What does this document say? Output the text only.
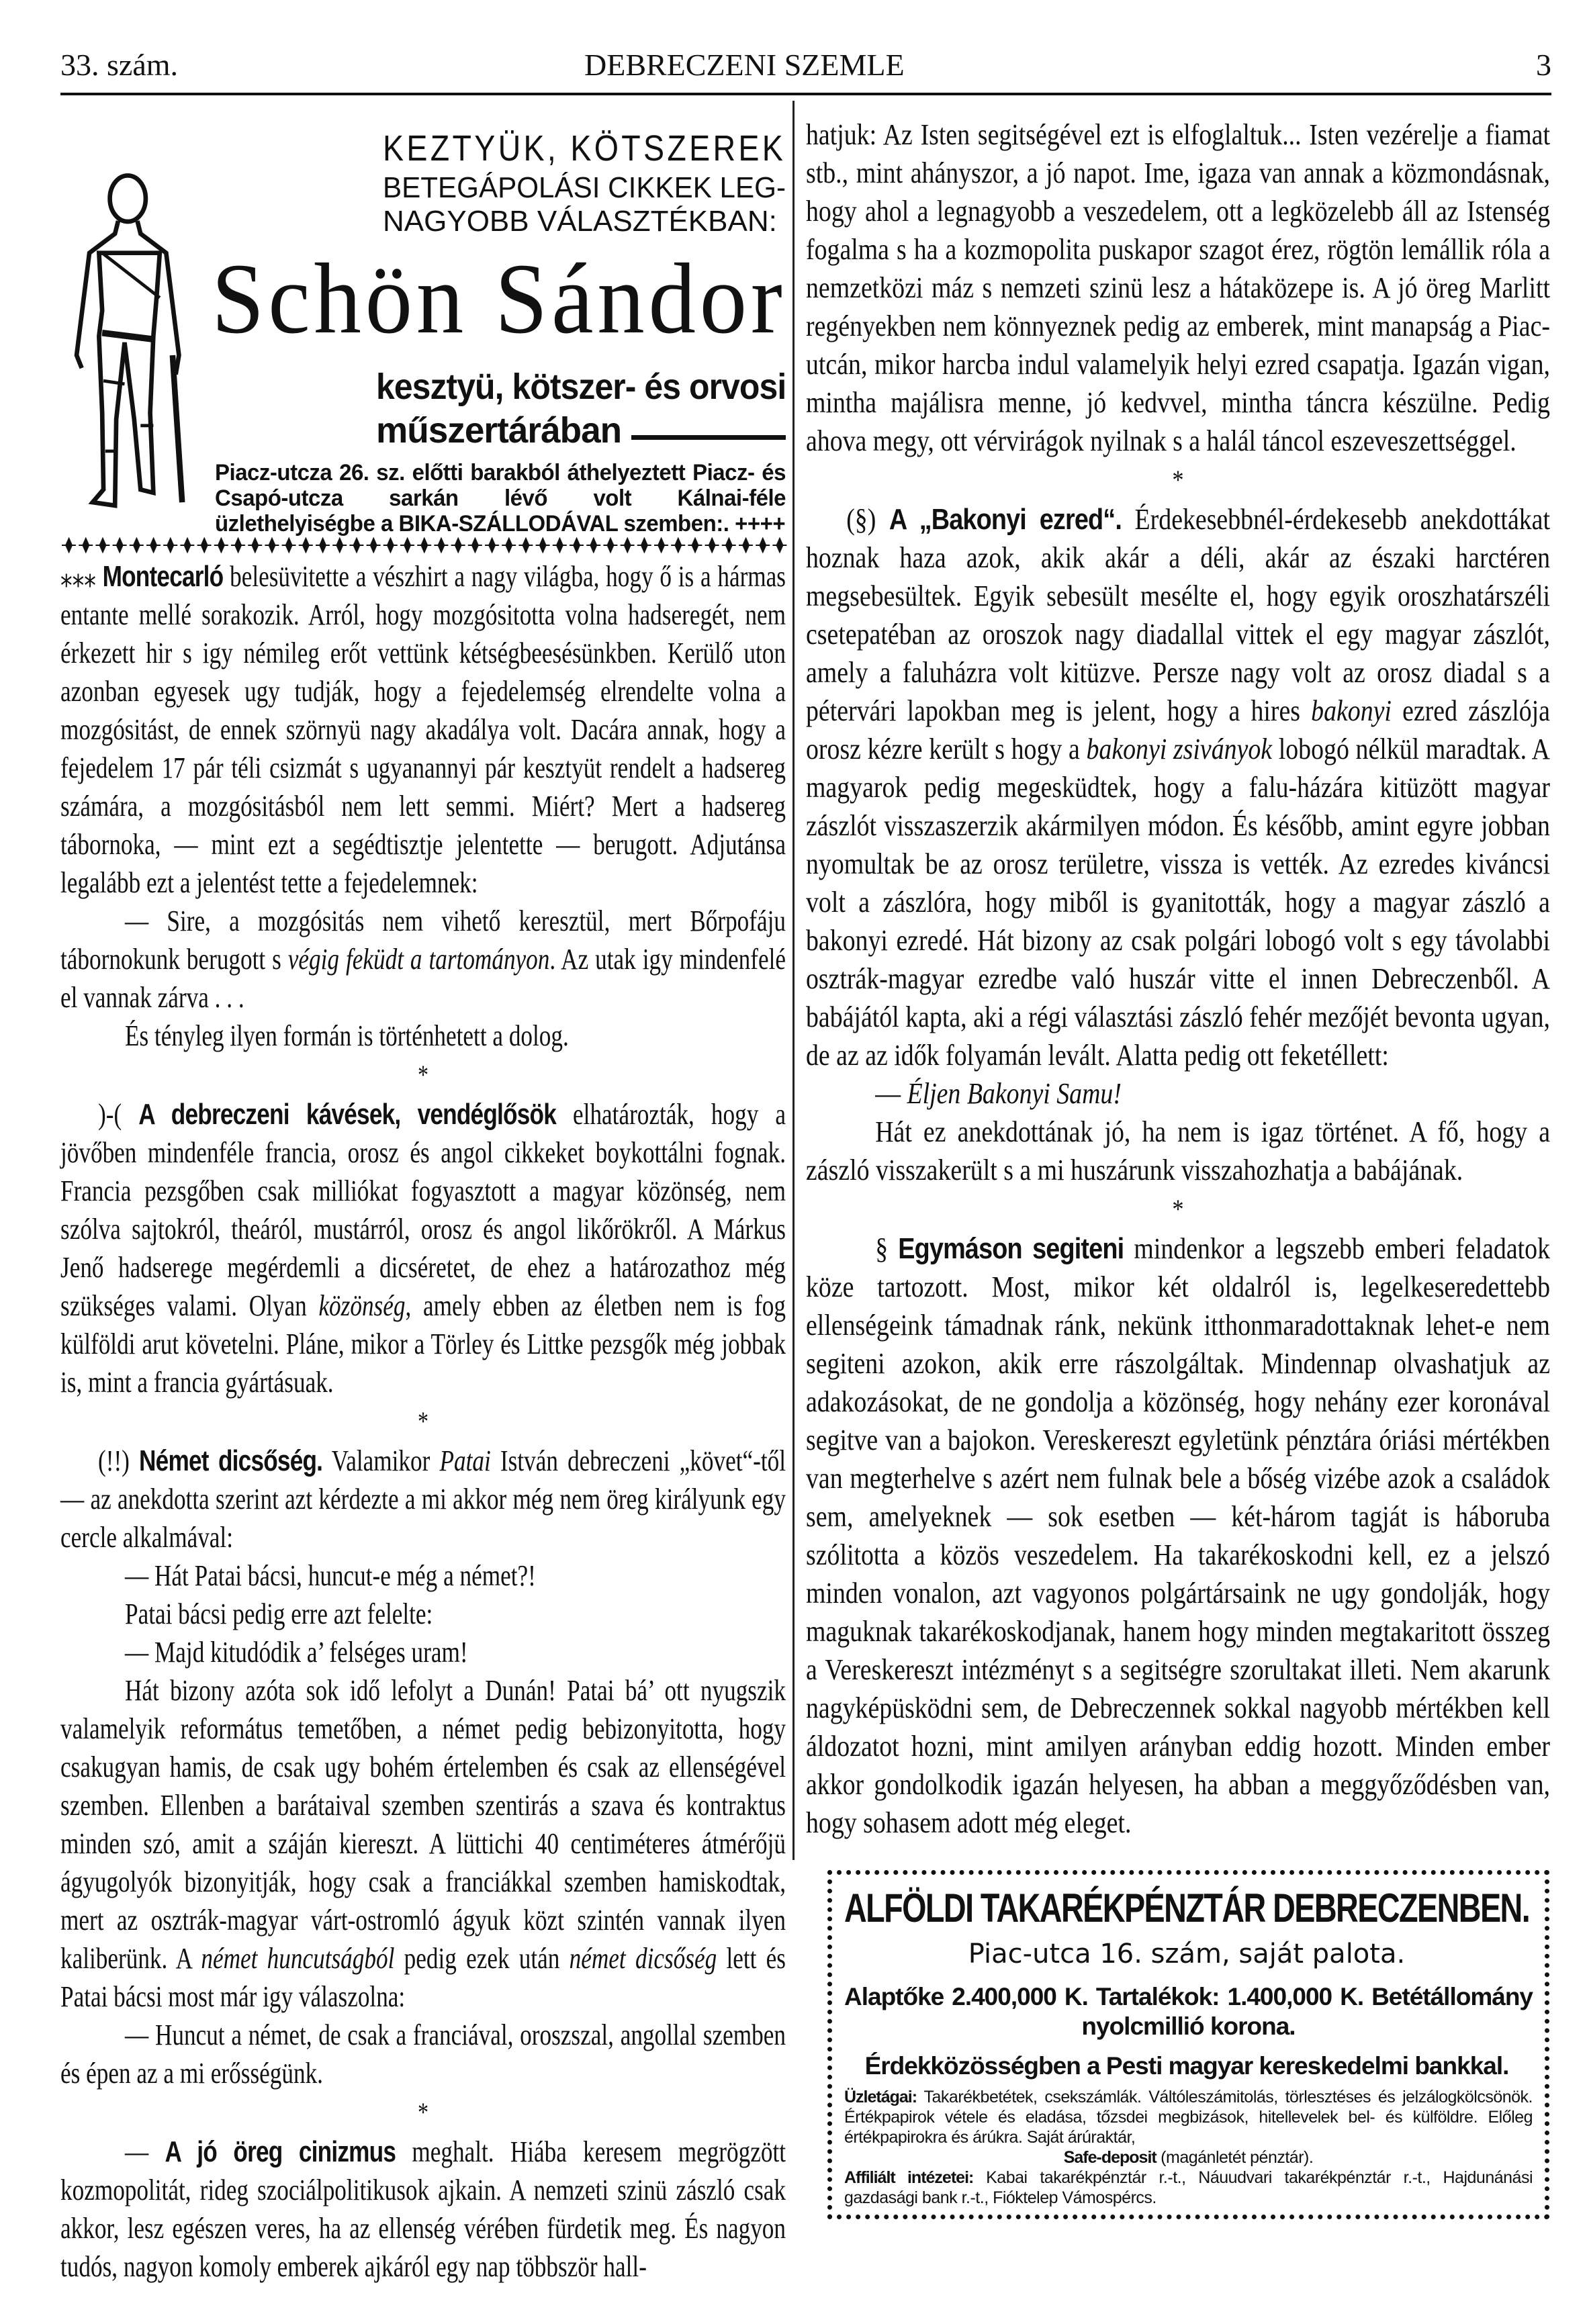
33. szám.	DEBRECZENI SZEMLE	3
KEZTYÜK, KÖTSZEREK
BETEGÁPOLÁSI CIKKEK LEG-
NAGYOBB VÁLASZTÉKBAN:
Schön Sándor
kesztyü, kötszer- és orvosi
műszertárában
Piacz-utcza 26. sz. előtti barakból áthelyeztett Piacz- és Csapó-utcza sarkán lévő volt Kálnai-féle üzlethelyiségbe a BIKA-SZÁLLODÁVAL szemben:. ++++

⁎⁎⁎ Montecarló belesüvitette a vészhirt a nagy világba, hogy ő is a hármas entante mellé sorakozik. Arról, hogy mozgósitotta volna hadseregét, nem érkezett hir s igy némileg erőt vettünk kétségbeesésünkben. Kerülő uton azonban egyesek ugy tudják, hogy a fejedelemség elrendelte volna a mozgósitást, de ennek szörnyü nagy akadálya volt. Dacára annak, hogy a fejedelem 17 pár téli csizmát s ugyanannyi pár kesztyüt rendelt a hadsereg számára, a mozgósitásból nem lett semmi. Miért? Mert a hadsereg tábornoka, — mint ezt a segédtisztje jelentette — berugott. Adjutánsa legalább ezt a jelentést tette a fejedelemnek:

— Sire, a mozgósitás nem vihető keresztül, mert Bőrpofáju tábornokunk berugott s végig feküdt a tartományon. Az utak igy mindenfelé el vannak zárva . . .

És tényleg ilyen formán is történhetett a dolog.

*

)-( A debreczeni kávések, vendéglősök elhatározták, hogy a jövőben mindenféle francia, orosz és angol cikkeket boykottálni fognak. Francia pezsgőben csak milliókat fogyasztott a magyar közönség, nem szólva sajtokról, theáról, mustárról, orosz és angol likőrökről. A Márkus Jenő hadserege megérdemli a dicséretet, de ehez a határozathoz még szükséges valami. Olyan közönség, amely ebben az életben nem is fog külföldi arut követelni. Pláne, mikor a Törley és Littke pezsgők még jobbak is, mint a francia gyártásuak.

*

(!!) Német dicsőség. Valamikor Patai István debreczeni „követ“-től — az anekdotta szerint azt kérdezte a mi akkor még nem öreg királyunk egy cercle alkalmával:

— Hát Patai bácsi, huncut-e még a német?!

Patai bácsi pedig erre azt felelte:

— Majd kitudódik a’ felséges uram!

Hát bizony azóta sok idő lefolyt a Dunán! Patai bá’ ott nyugszik valamelyik református temetőben, a német pedig bebizonyitotta, hogy csakugyan hamis, de csak ugy bohém értelemben és csak az ellenségével szemben. Ellenben a barátaival szemben szentirás a szava és kontraktus minden szó, amit a száján kiereszt. A lüttichi 40 centiméteres átmérőjü ágyugolyók bizonyitják, hogy csak a franciákkal szemben hamiskodtak, mert az osztrák-magyar várt-ostromló ágyuk közt szintén vannak ilyen kaliberünk. A német huncutságból pedig ezek után német dicsőség lett és Patai bácsi most már igy válaszolna:

— Huncut a német, de csak a franciával, oroszszal, angollal szemben és épen az a mi erősségünk.

*

— A jó öreg cinizmus meghalt. Hiába keresem megrögzött kozmopolitát, rideg szociálpolitikusok ajkain. A nemzeti szinü zászló csak akkor, lesz egészen veres, ha az ellenség vérében fürdetik meg. És nagyon tudós, nagyon komoly emberek ajkáról egy nap többször hall-

hatjuk: Az Isten segitségével ezt is elfoglaltuk... Isten vezérelje a fiamat stb., mint ahányszor, a jó napot. Ime, igaza van annak a közmondásnak, hogy ahol a legnagyobb a veszedelem, ott a legközelebb áll az Istenség fogalma s ha a kozmopolita puskapor szagot érez, rögtön lemállik róla a nemzetközi máz s nemzeti szinü lesz a hátaközepe is. A jó öreg Marlitt regényekben nem könnyeznek pedig az emberek, mint manapság a Piac-utcán, mikor harcba indul valamelyik helyi ezred csapatja. Igazán vigan, mintha majálisra menne, jó kedvvel, mintha táncra készülne. Pedig ahova megy, ott vérvirágok nyilnak s a halál táncol eszeveszettséggel.

*

(§) A „Bakonyi ezred“. Érdekesebbnél-érdekesebb anekdottákat hoznak haza azok, akik akár a déli, akár az északi harctéren megsebesültek. Egyik sebesült mesélte el, hogy egyik oroszhatárszéli csetepatéban az oroszok nagy diadallal vittek el egy magyar zászlót, amely a faluházra volt kitüzve. Persze nagy volt az orosz diadal s a pétervári lapokban meg is jelent, hogy a hires bakonyi ezred zászlója orosz kézre került s hogy a bakonyi zsiványok lobogó nélkül maradtak. A magyarok pedig megesküdtek, hogy a falu-házára kitüzött magyar zászlót visszaszerzik akármilyen módon. És később, amint egyre jobban nyomultak be az orosz területre, vissza is vették. Az ezredes kiváncsi volt a zászlóra, hogy miből is gyanitották, hogy a magyar zászló a bakonyi ezredé. Hát bizony az csak polgári lobogó volt s egy távolabbi osztrák-magyar ezredbe való huszár vitte el innen Debreczenből. A babájától kapta, aki a régi választási zászló fehér mezőjét bevonta ugyan, de az az idők folyamán levált. Alatta pedig ott feketéllett:

— Éljen Bakonyi Samu!

Hát ez anekdottának jó, ha nem is igaz történet. A fő, hogy a zászló visszakerült s a mi huszárunk visszahozhatja a babájának.

*

§ Egymáson segiteni mindenkor a legszebb emberi feladatok köze tartozott. Most, mikor két oldalról is, legelkeseredettebb ellenségeink támadnak ránk, nekünk itthonmaradottaknak lehet-e nem segiteni azokon, akik erre rászolgáltak. Mindennap olvashatjuk az adakozásokat, de ne gondolja a közönség, hogy nehány ezer koronával segitve van a bajokon. Vereskereszt egyletünk pénztára óriási mértékben van megterhelve s azért nem fulnak bele a bőség vizébe azok a családok sem, amelyeknek — sok esetben — két-három tagját is háboruba szólitotta a közös veszedelem. Ha takarékoskodni kell, ez a jelszó minden vonalon, azt vagyonos polgártársaink ne ugy gondolják, hogy maguknak takarékoskodjanak, hanem hogy minden megtakaritott összeg a Vereskereszt intézményt s a segitségre szorultakat illeti. Nem akarunk nagyképüsködni sem, de Debreczennek sokkal nagyobb mértékben kell áldozatot hozni, mint amilyen arányban eddig hozott. Minden ember akkor gondolkodik igazán helyesen, ha abban a meggyőződésben van, hogy sohasem adott még eleget.

ALFÖLDI TAKARÉKPÉNZTÁR DEBRECZENBEN.
Piac-utca 16. szám, saját palota.
Alaptőke 2.400,000 K. Tartalékok: 1.400,000 K. Betétállomány nyolcmillió korona.
Érdekközösségben a Pesti magyar kereskedelmi bankkal.
Üzletágai: Takarékbetétek, csekszámlák. Váltóleszámitolás, törlesztéses és jelzálogkölcsönök. Értékpapirok vétele és eladása, tőzsdei megbizások, hitellevelek bel- és külföldre. Előleg értékpapirokra és árúkra. Saját árúraktár,
Safe-deposit (magánletét pénztár).
Affiliált intézetei: Kabai takarékpénztár r.-t., Náuudvari takarékpénztár r.-t., Hajdunánási gazdasági bank r.-t., Fióktelep Vámospércs.
